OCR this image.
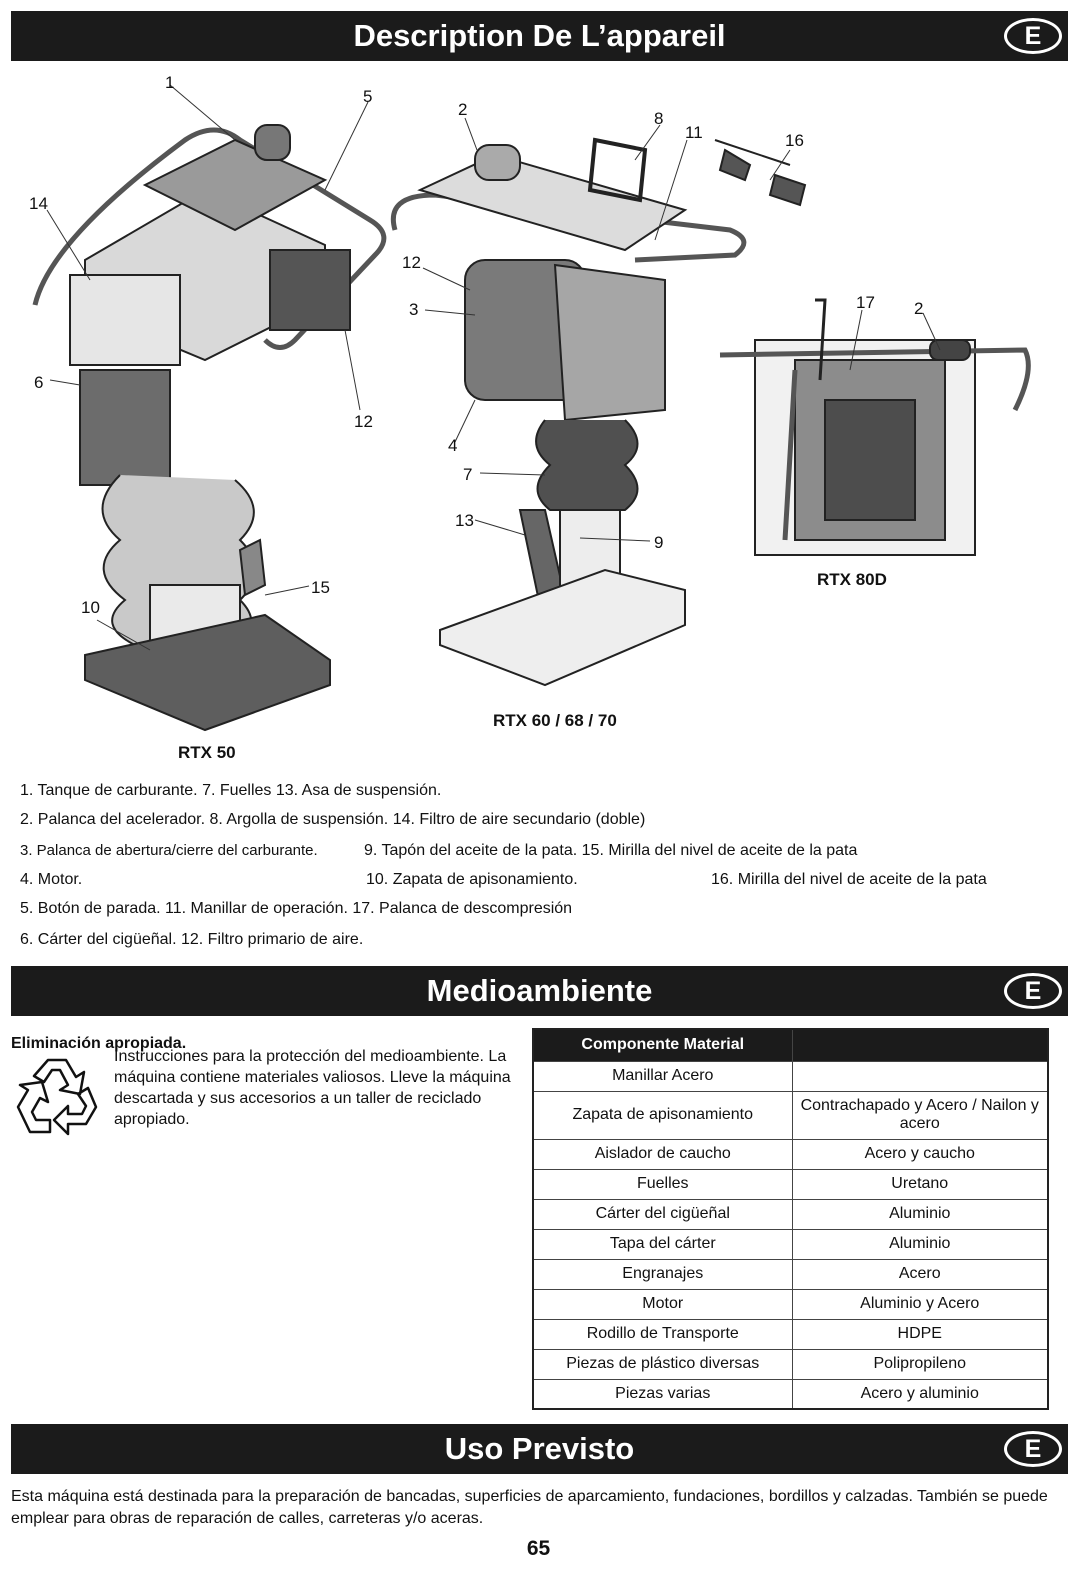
Description De L’appareil	E
1
2
3
4
5
6
7
8
9
10
11
12
13
14
15
16
17
12
2
RTX 50
RTX 60 / 68 / 70
RTX 80D
1. Tanque de carburante. 7. Fuelles 13. Asa de suspensión.
2. Palanca del acelerador. 8. Argolla de suspensión. 14. Filtro de aire secundario (doble)
3. Palanca de abertura/cierre del carburante.	9. Tapón del aceite de la pata. 15. Mirilla del nivel de aceite de la pata
4. Motor.	10. Zapata de apisonamiento.	16. Mirilla del nivel de aceite de la pata
5. Botón de parada. 11. Manillar de operación. 17. Palanca de descompresión
6. Cárter del cigüeñal. 12. Filtro primario de aire.
Medioambiente	E
Eliminación apropiada.
Instrucciones para la protección del medioambiente. La máquina contiene materiales valiosos. Lleve la máquina descartada y sus accesorios a un taller de reciclado apropiado.
Componente Material	
Manillar Acero	
Zapata de apisonamiento	Contrachapado y Acero / Nailon y acero
Aislador de caucho	Acero y caucho
Fuelles	Uretano
Cárter del cigüeñal	Aluminio
Tapa del cárter	Aluminio
Engranajes	Acero
Motor	Aluminio y Acero
Rodillo de Transporte	HDPE
Piezas de plástico diversas	Polipropileno
Piezas varias	Acero y aluminio
Uso Previsto	E
Esta máquina está destinada para la preparación de bancadas, superficies de aparcamiento, fundaciones, bordillos y calzadas. También se puede emplear para obras de reparación de calles, carreteras y/o aceras.
65
